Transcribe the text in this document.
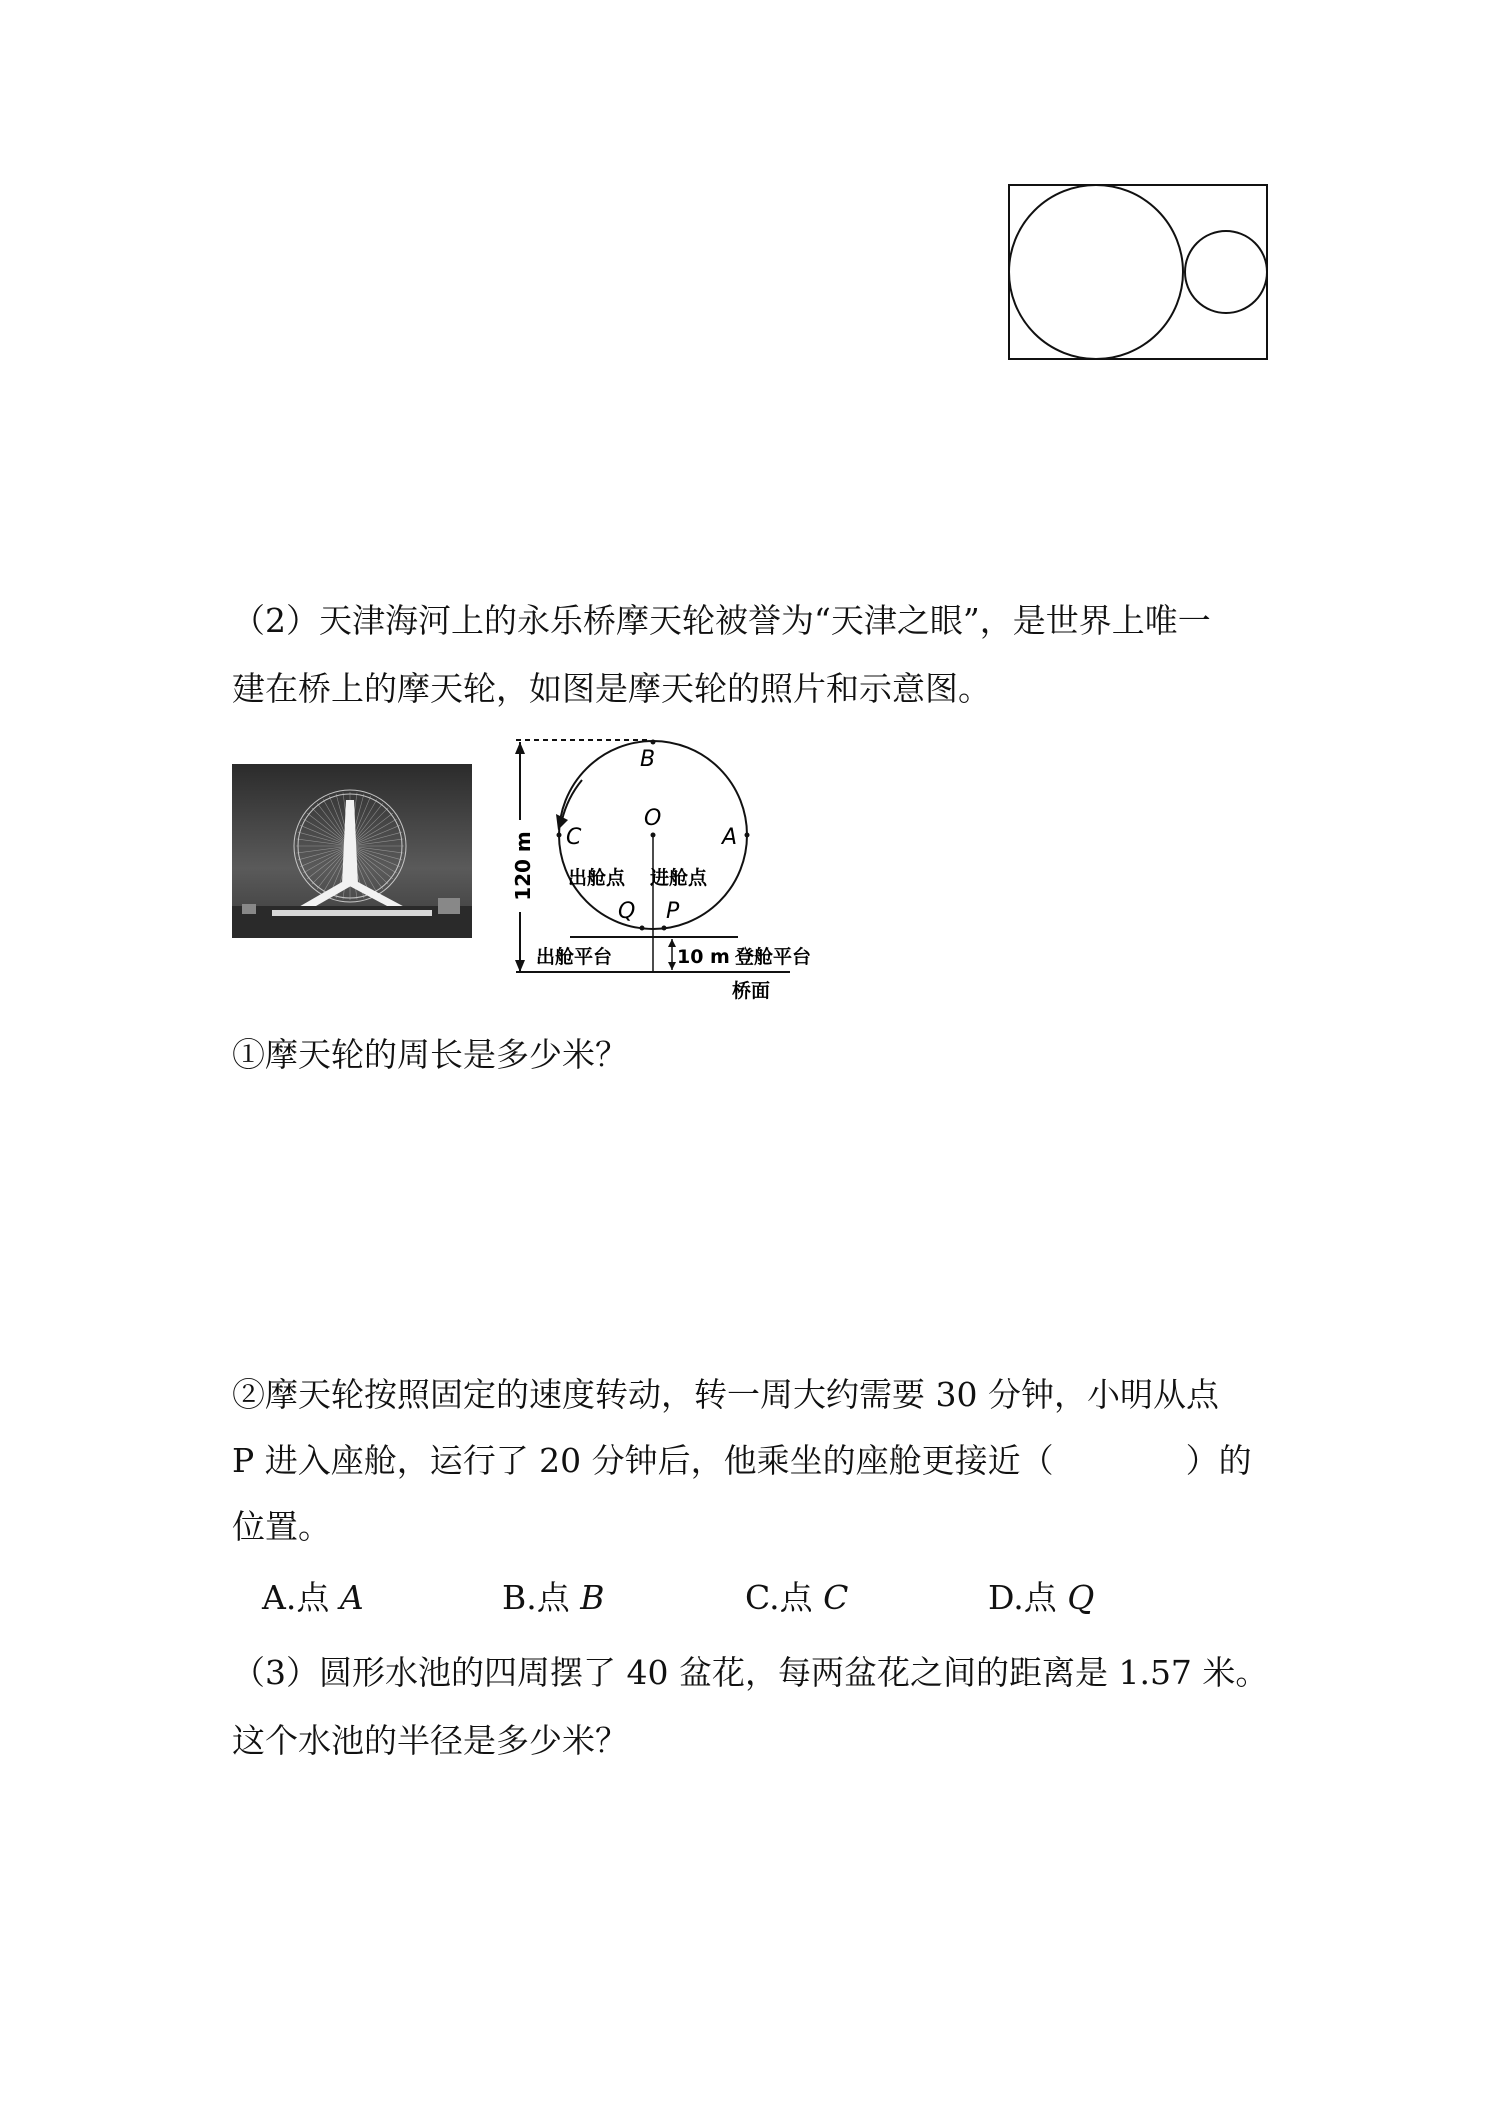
（2）天津海河上的永乐桥摩天轮被誉为“天津之眼”，是世界上唯一
建在桥上的摩天轮，如图是摩天轮的照片和示意图。
120 m
B
O
A
C
Q P
出舱点 进舱点
出舱平台	10 m 登舱平台
桥面
①摩天轮的周长是多少米？
②摩天轮按照固定的速度转动，转一周大约需要 30 分钟，小明从点
P 进入座舱，运行了 20 分钟后，他乘坐的座舱更接近（　　　　）的
位置。
A.点 A	B.点 B	C.点 C	D.点 Q
（3）圆形水池的四周摆了 40 盆花，每两盆花之间的距离是 1.57 米。
这个水池的半径是多少米？
